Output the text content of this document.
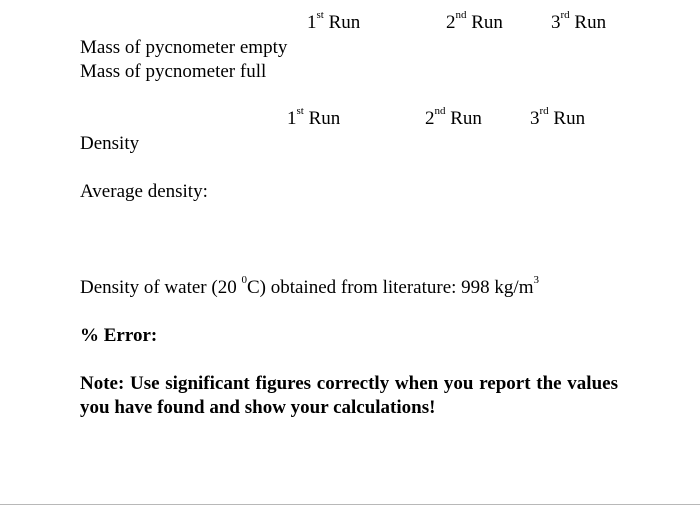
1st Run	2nd Run	3rd Run
Mass of pycnometer empty
Mass of pycnometer full
1st Run	2nd Run	3rd Run
Density
Average density:
Density of water (20 $^0$C) obtained from literature: 998 $kg/m^3$
% Error:
Note: Use significant figures correctly when you report the values you have found and show your calculations!
